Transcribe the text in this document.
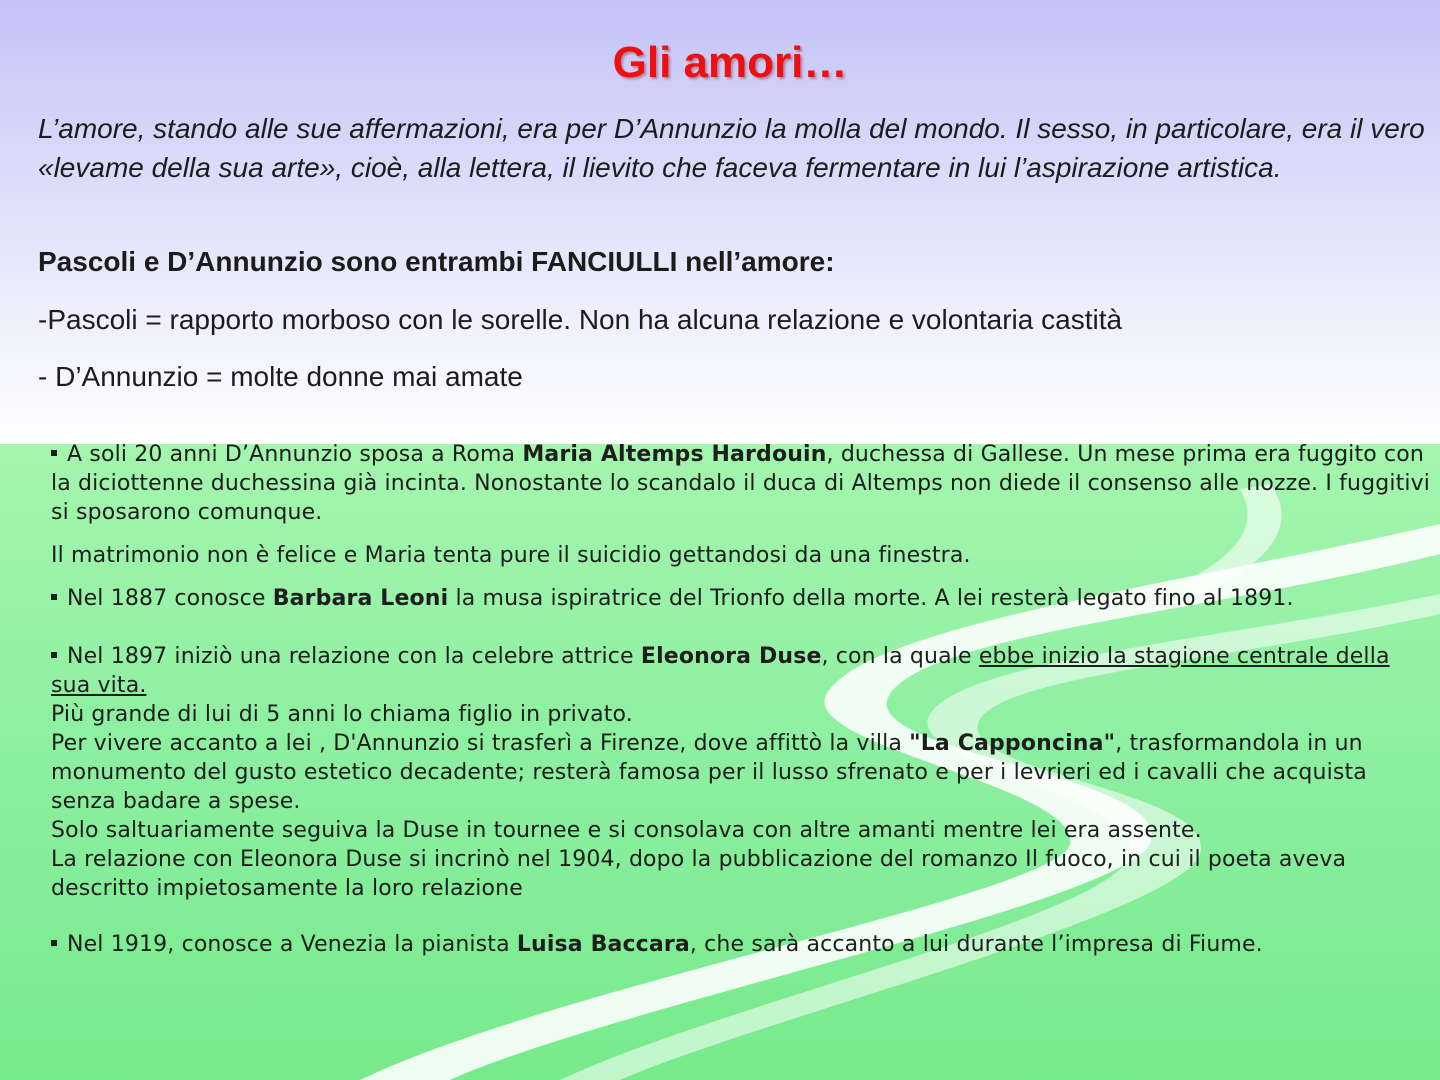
Gli amori…

L’amore, stando alle sue affermazioni, era per D’Annunzio la molla del mondo. Il sesso, in particolare, era il vero «levame della sua arte», cioè, alla lettera, il lievito che faceva fermentare in lui l’aspirazione artistica.

Pascoli e D’Annunzio sono entrambi FANCIULLI nell’amore:

-Pascoli = rapporto morboso con le sorelle. Non ha alcuna relazione e volontaria castità

- D’Annunzio = molte donne mai amate

A soli 20 anni D’Annunzio sposa a Roma Maria Altemps Hardouin, duchessa di Gallese. Un mese prima era fuggito con la diciottenne duchessina già incinta. Nonostante lo scandalo il duca di Altemps non diede il consenso alle nozze. I fuggitivi si sposarono comunque.

Il matrimonio non è felice e Maria tenta pure il suicidio gettandosi da una finestra.

Nel 1887 conosce Barbara Leoni la musa ispiratrice del Trionfo della morte. A lei resterà legato fino al 1891.

Nel 1897 iniziò una relazione con la celebre attrice Eleonora Duse, con la quale ebbe inizio la stagione centrale della sua vita.
Più grande di lui di 5 anni lo chiama figlio in privato.
Per vivere accanto a lei , D'Annunzio si trasferì a Firenze, dove affittò la villa "La Capponcina", trasformandola in un monumento del gusto estetico decadente; resterà famosa per il lusso sfrenato e per i levrieri ed i cavalli che acquista senza badare a spese.
Solo saltuariamente seguiva la Duse in tournee e si consolava con altre amanti mentre lei era assente.
La relazione con Eleonora Duse si incrinò nel 1904, dopo la pubblicazione del romanzo Il fuoco, in cui il poeta aveva descritto impietosamente la loro relazione

Nel 1919, conosce a Venezia la pianista Luisa Baccara, che sarà accanto a lui durante l’impresa di Fiume.
